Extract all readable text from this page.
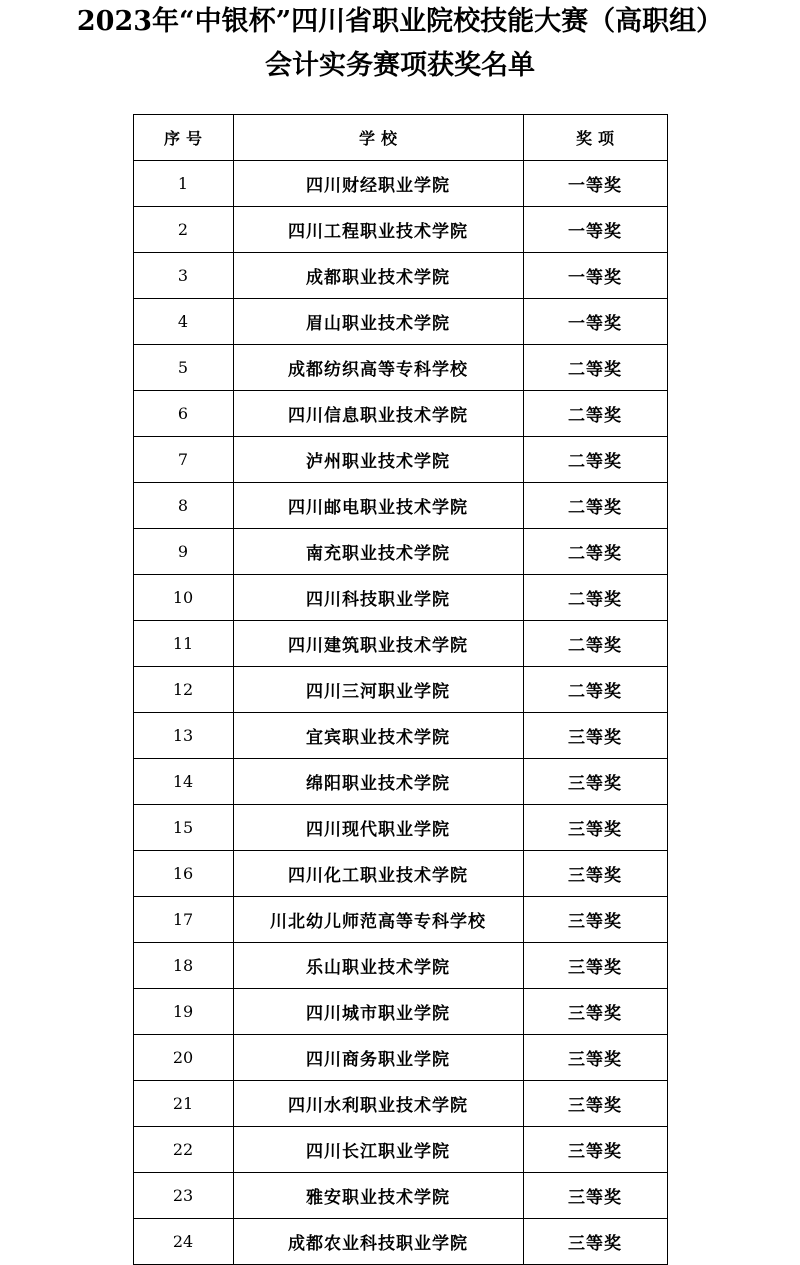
2023年“中银杯”四川省职业院校技能大赛（高职组）
会计实务赛项获奖名单
序号	学校	奖项
1	四川财经职业学院	一等奖
2	四川工程职业技术学院	一等奖
3	成都职业技术学院	一等奖
4	眉山职业技术学院	一等奖
5	成都纺织高等专科学校	二等奖
6	四川信息职业技术学院	二等奖
7	泸州职业技术学院	二等奖
8	四川邮电职业技术学院	二等奖
9	南充职业技术学院	二等奖
10	四川科技职业学院	二等奖
11	四川建筑职业技术学院	二等奖
12	四川三河职业学院	二等奖
13	宜宾职业技术学院	三等奖
14	绵阳职业技术学院	三等奖
15	四川现代职业学院	三等奖
16	四川化工职业技术学院	三等奖
17	川北幼儿师范高等专科学校	三等奖
18	乐山职业技术学院	三等奖
19	四川城市职业学院	三等奖
20	四川商务职业学院	三等奖
21	四川水利职业技术学院	三等奖
22	四川长江职业学院	三等奖
23	雅安职业技术学院	三等奖
24	成都农业科技职业学院	三等奖
